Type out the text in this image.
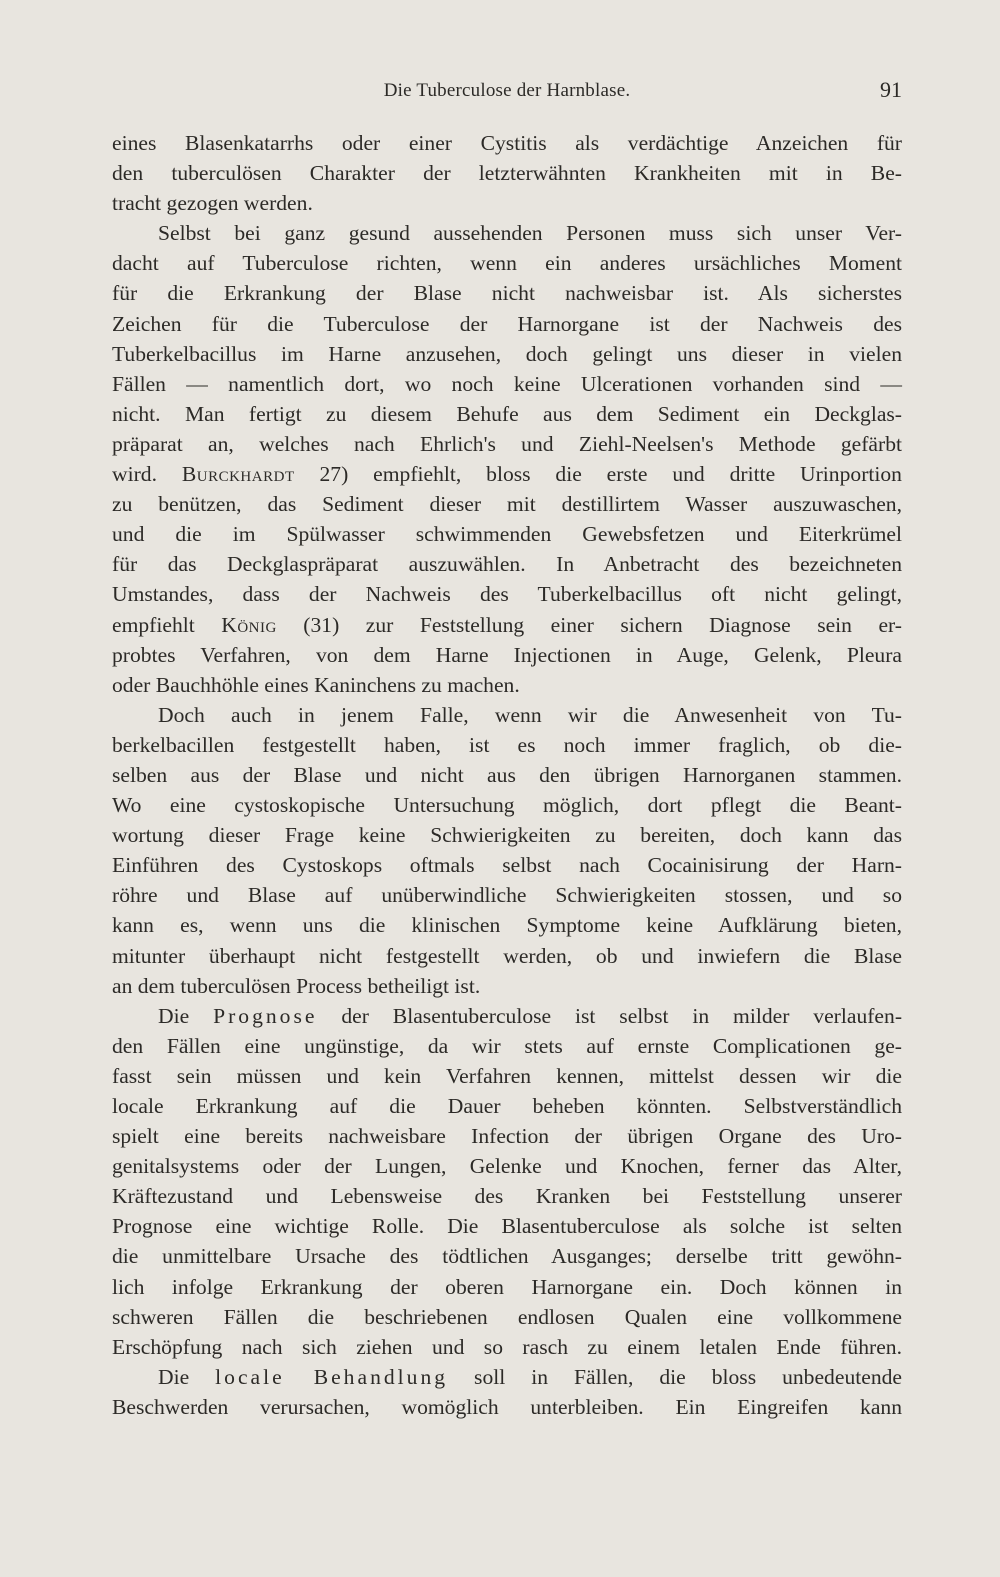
Die Tuberculose der Harnblase.	91
eines Blasenkatarrhs oder einer Cystitis als verdächtige Anzeichen für
den tuberculösen Charakter der letzterwähnten Krankheiten mit in Be-
tracht gezogen werden.
Selbst bei ganz gesund aussehenden Personen muss sich unser Ver-
dacht auf Tuberculose richten, wenn ein anderes ursächliches Moment
für die Erkrankung der Blase nicht nachweisbar ist. Als sicherstes
Zeichen für die Tuberculose der Harnorgane ist der Nachweis des
Tuberkelbacillus im Harne anzusehen, doch gelingt uns dieser in vielen
Fällen — namentlich dort, wo noch keine Ulcerationen vorhanden sind —
nicht. Man fertigt zu diesem Behufe aus dem Sediment ein Deckglas-
präparat an, welches nach Ehrlich's und Ziehl-Neelsen's Methode gefärbt
wird. Burckhardt 27) empfiehlt, bloss die erste und dritte Urinportion
zu benützen, das Sediment dieser mit destillirtem Wasser auszuwaschen,
und die im Spülwasser schwimmenden Gewebsfetzen und Eiterkrümel
für das Deckglaspräparat auszuwählen. In Anbetracht des bezeichneten
Umstandes, dass der Nachweis des Tuberkelbacillus oft nicht gelingt,
empfiehlt König (31) zur Feststellung einer sichern Diagnose sein er-
probtes Verfahren, von dem Harne Injectionen in Auge, Gelenk, Pleura
oder Bauchhöhle eines Kaninchens zu machen.
Doch auch in jenem Falle, wenn wir die Anwesenheit von Tu-
berkelbacillen festgestellt haben, ist es noch immer fraglich, ob die-
selben aus der Blase und nicht aus den übrigen Harnorganen stammen.
Wo eine cystoskopische Untersuchung möglich, dort pflegt die Beant-
wortung dieser Frage keine Schwierigkeiten zu bereiten, doch kann das
Einführen des Cystoskops oftmals selbst nach Cocainisirung der Harn-
röhre und Blase auf unüberwindliche Schwierigkeiten stossen, und so
kann es, wenn uns die klinischen Symptome keine Aufklärung bieten,
mitunter überhaupt nicht festgestellt werden, ob und inwiefern die Blase
an dem tuberculösen Process betheiligt ist.
Die Prognose der Blasentuberculose ist selbst in milder verlaufen-
den Fällen eine ungünstige, da wir stets auf ernste Complicationen ge-
fasst sein müssen und kein Verfahren kennen, mittelst dessen wir die
locale Erkrankung auf die Dauer beheben könnten. Selbstverständlich
spielt eine bereits nachweisbare Infection der übrigen Organe des Uro-
genitalsystems oder der Lungen, Gelenke und Knochen, ferner das Alter,
Kräftezustand und Lebensweise des Kranken bei Feststellung unserer
Prognose eine wichtige Rolle. Die Blasentuberculose als solche ist selten
die unmittelbare Ursache des tödtlichen Ausganges; derselbe tritt gewöhn-
lich infolge Erkrankung der oberen Harnorgane ein. Doch können in
schweren Fällen die beschriebenen endlosen Qualen eine vollkommene
Erschöpfung nach sich ziehen und so rasch zu einem letalen Ende führen.
Die locale Behandlung soll in Fällen, die bloss unbedeutende
Beschwerden verursachen, womöglich unterbleiben. Ein Eingreifen kann
